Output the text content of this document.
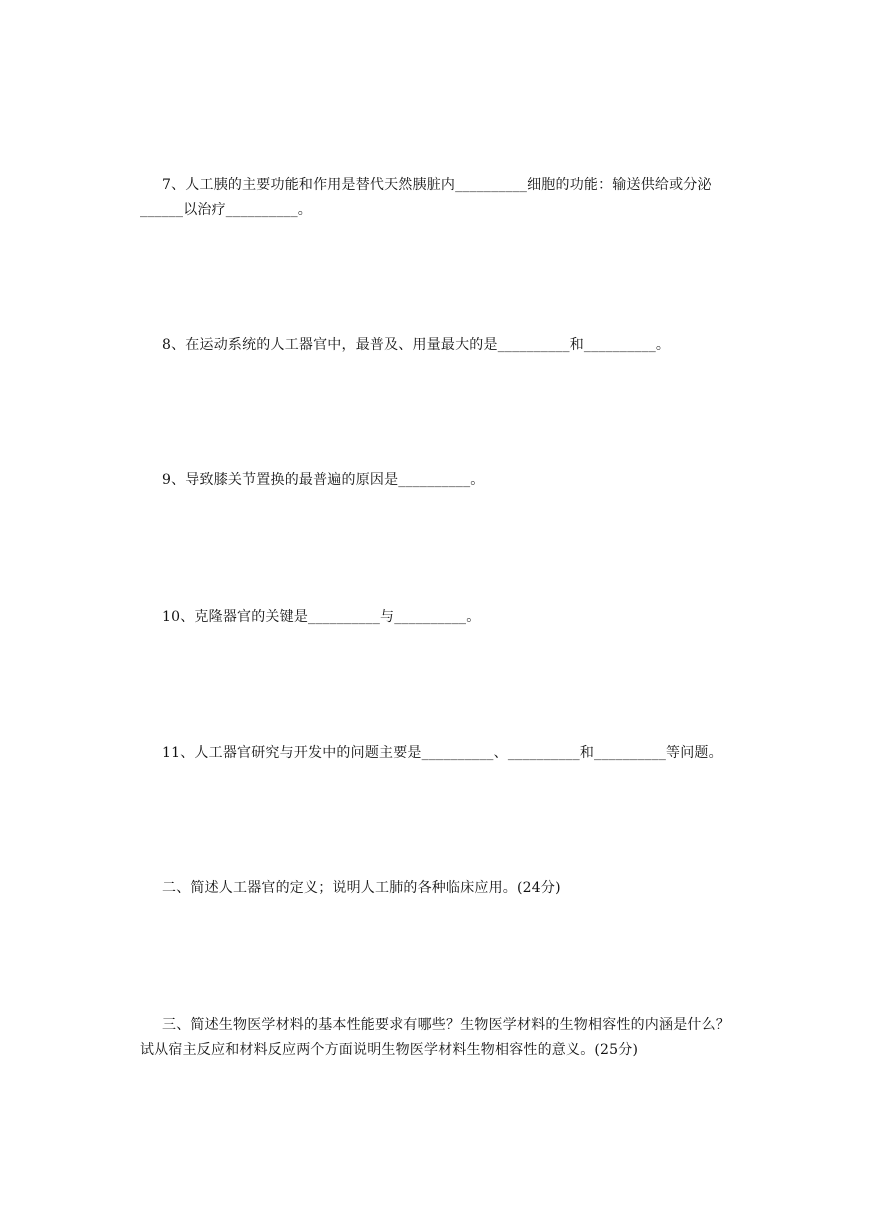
7、人工胰的主要功能和作用是替代天然胰脏内__________细胞的功能：输送供给或分泌______以治疗__________。

8、在运动系统的人工器官中，最普及、用量最大的是__________和__________。

9、导致膝关节置换的最普遍的原因是__________。

10、克隆器官的关键是__________与__________。

11、人工器官研究与开发中的问题主要是__________、__________和__________等问题。

二、简述人工器官的定义；说明人工肺的各种临床应用。(24分)

三、简述生物医学材料的基本性能要求有哪些？生物医学材料的生物相容性的内涵是什么？试从宿主反应和材料反应两个方面说明生物医学材料生物相容性的意义。(25分)
